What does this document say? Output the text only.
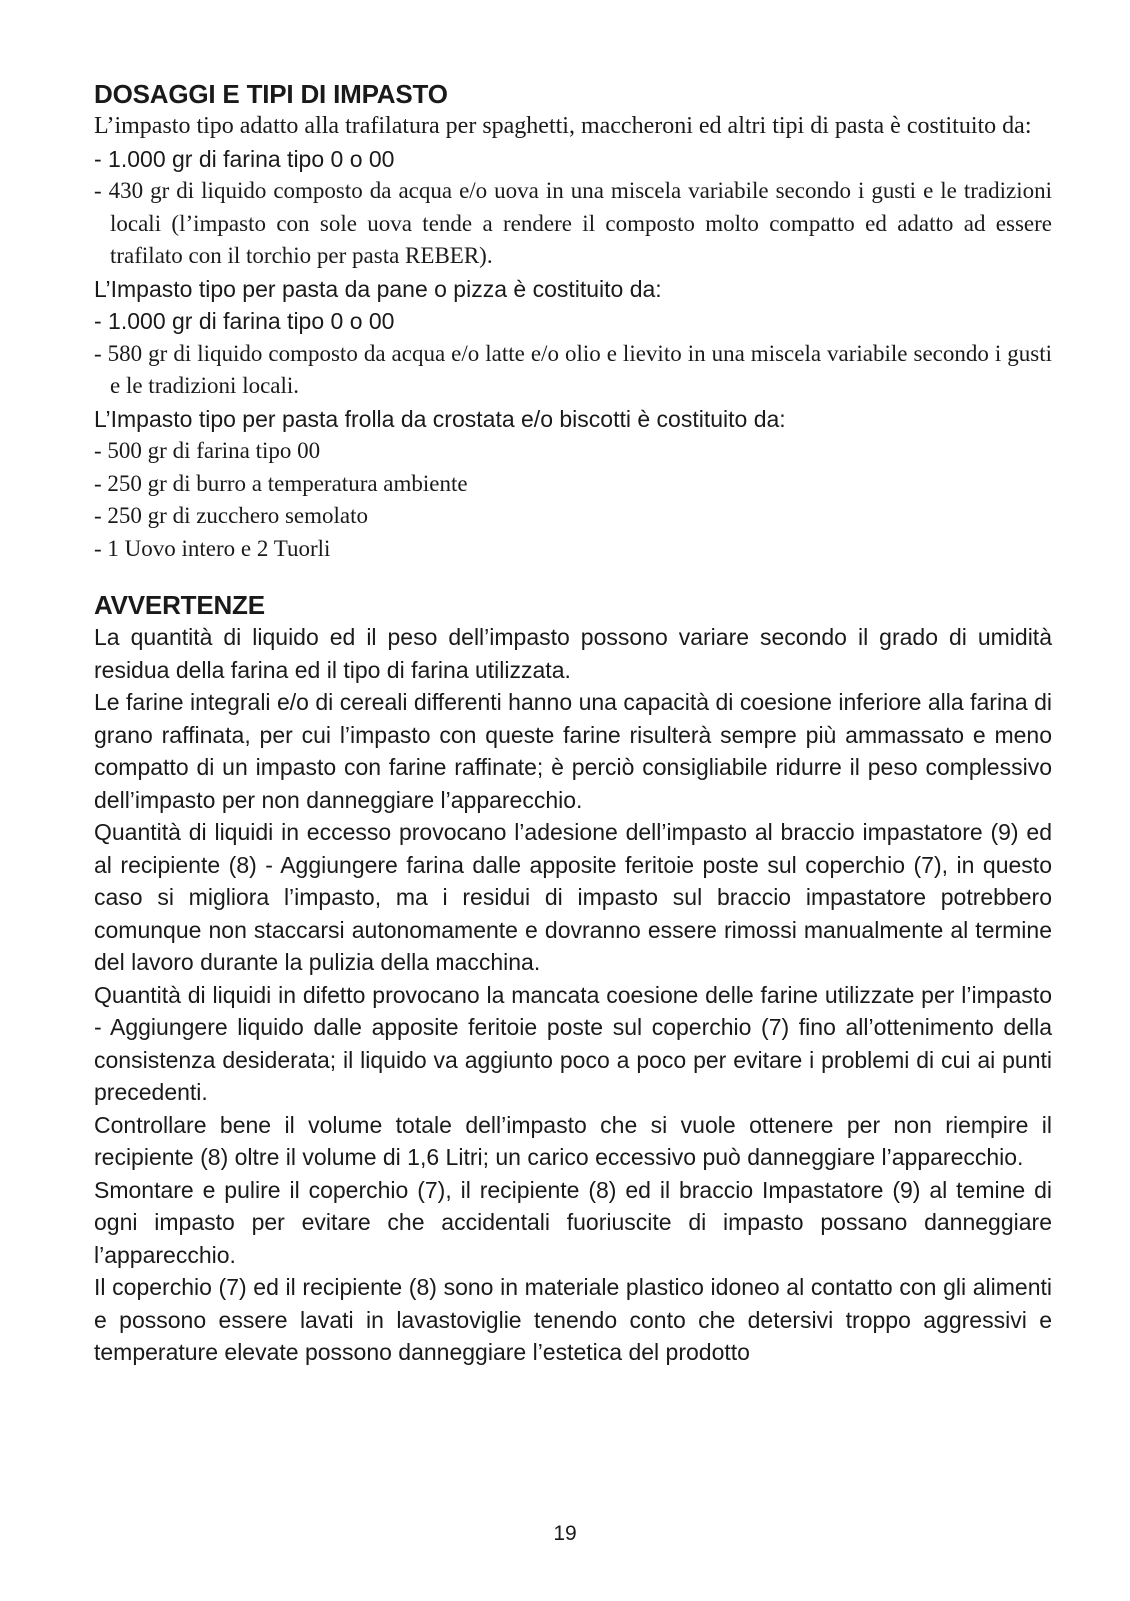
DOSAGGI E TIPI DI IMPASTO

L’impasto tipo adatto alla trafilatura per spaghetti, maccheroni ed altri tipi di pasta è costituito da:

- 1.000 gr di farina tipo 0 o 00

- 430 gr di liquido composto da acqua e/o uova in una miscela variabile secondo i gusti e le tradizioni locali (l’impasto con sole uova tende a rendere il composto molto compatto ed adatto ad essere trafilato con il torchio per pasta REBER).

L’Impasto tipo per pasta da pane o pizza è costituito da:

- 1.000 gr di farina tipo 0 o 00

- 580 gr di liquido composto da acqua e/o latte e/o olio e lievito in una miscela variabile secondo i gusti e le tradizioni locali.

L’Impasto tipo per pasta frolla da crostata e/o biscotti è costituito da:

- 500 gr di farina tipo 00

- 250 gr di burro a temperatura ambiente

- 250 gr di zucchero semolato

- 1 Uovo intero e 2 Tuorli

AVVERTENZE

La quantità di liquido ed il peso dell’impasto possono variare secondo il grado di umidità residua della farina ed il tipo di farina utilizzata.

Le farine integrali e/o di cereali differenti hanno una capacità di coesione inferiore alla farina di grano raffinata, per cui l’impasto con queste farine risulterà sempre più ammassato e meno compatto di un impasto con farine raffinate; è perciò consigliabile ridurre il peso complessivo dell’impasto per non danneggiare l’apparecchio.

Quantità di liquidi in eccesso provocano l’adesione dell’impasto al braccio impastatore (9) ed al recipiente (8) - Aggiungere farina dalle apposite feritoie poste sul coperchio (7), in questo caso si migliora l’impasto, ma i residui di impasto sul braccio impastatore potrebbero comunque non staccarsi autonomamente e dovranno essere rimossi manualmente al termine del lavoro durante la pulizia della macchina.

Quantità di liquidi in difetto provocano la mancata coesione delle farine utilizzate per l’impasto - Aggiungere liquido dalle apposite feritoie poste sul coperchio (7) fino all’ottenimento della consistenza desiderata; il liquido va aggiunto poco a poco per evitare i problemi di cui ai punti precedenti.

Controllare bene il volume totale dell’impasto che si vuole ottenere per non riempire il recipiente (8) oltre il volume di 1,6 Litri; un carico eccessivo può danneggiare l’apparecchio.

Smontare e pulire il coperchio (7), il recipiente (8) ed il braccio Impastatore (9) al temine di ogni impasto per evitare che accidentali fuoriuscite di impasto possano danneggiare l’apparecchio.

Il coperchio (7) ed il recipiente (8) sono in materiale plastico idoneo al contatto con gli alimenti e possono essere lavati in lavastoviglie tenendo conto che detersivi troppo aggressivi e temperature elevate possono danneggiare l’estetica del prodotto

19
